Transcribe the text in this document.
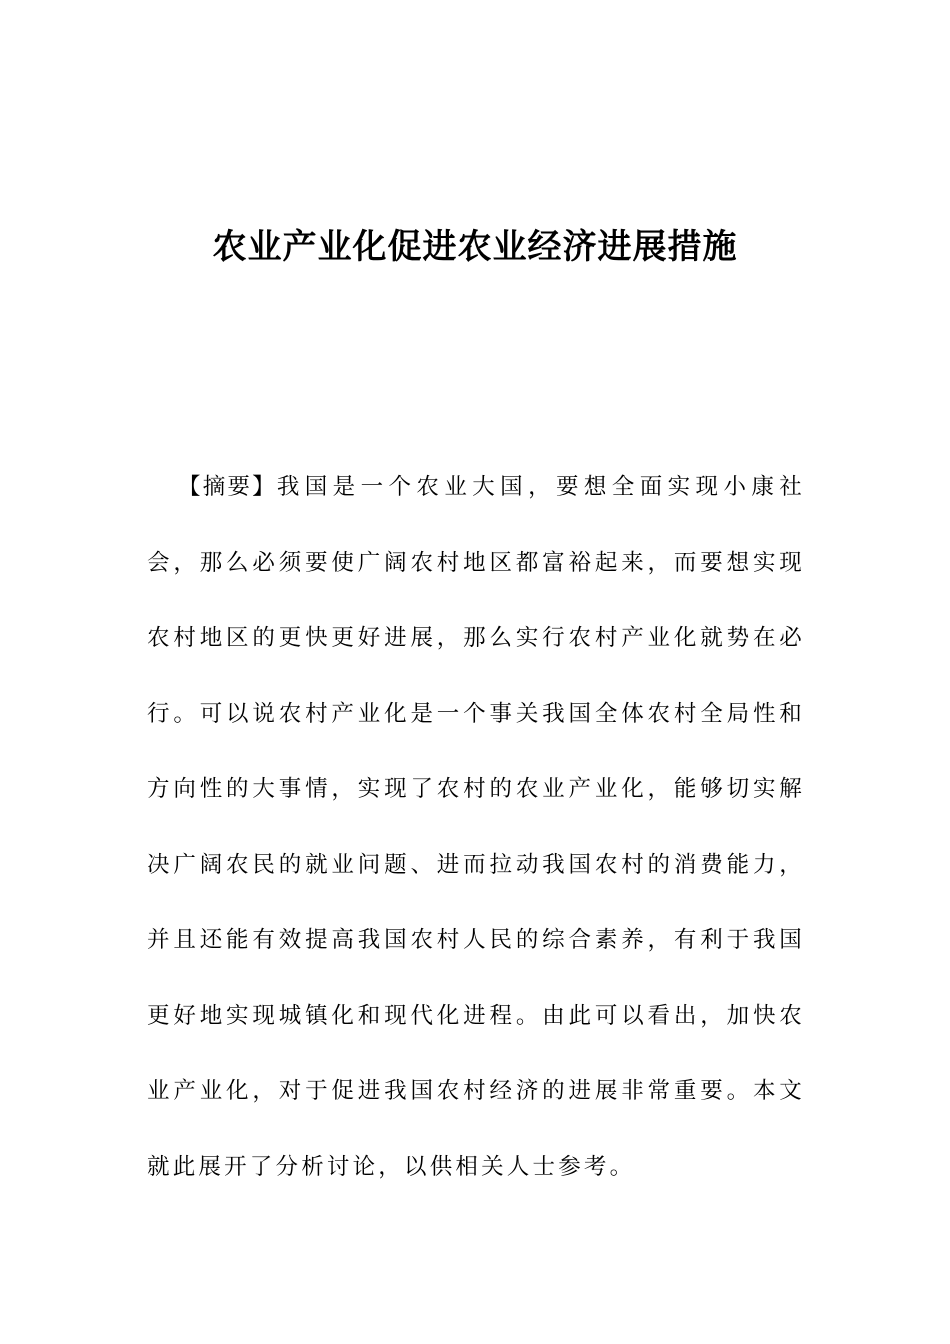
农业产业化促进农业经济进展措施

【摘要】我国是一个农业大国，要想全面实现小康社会，那么必须要使广阔农村地区都富裕起来，而要想实现农村地区的更快更好进展，那么实行农村产业化就势在必行。可以说农村产业化是一个事关我国全体农村全局性和方向性的大事情，实现了农村的农业产业化，能够切实解决广阔农民的就业问题、进而拉动我国农村的消费能力，并且还能有效提高我国农村人民的综合素养，有利于我国更好地实现城镇化和现代化进程。由此可以看出，加快农业产业化，对于促进我国农村经济的进展非常重要。本文就此展开了分析讨论，以供相关人士参考。
